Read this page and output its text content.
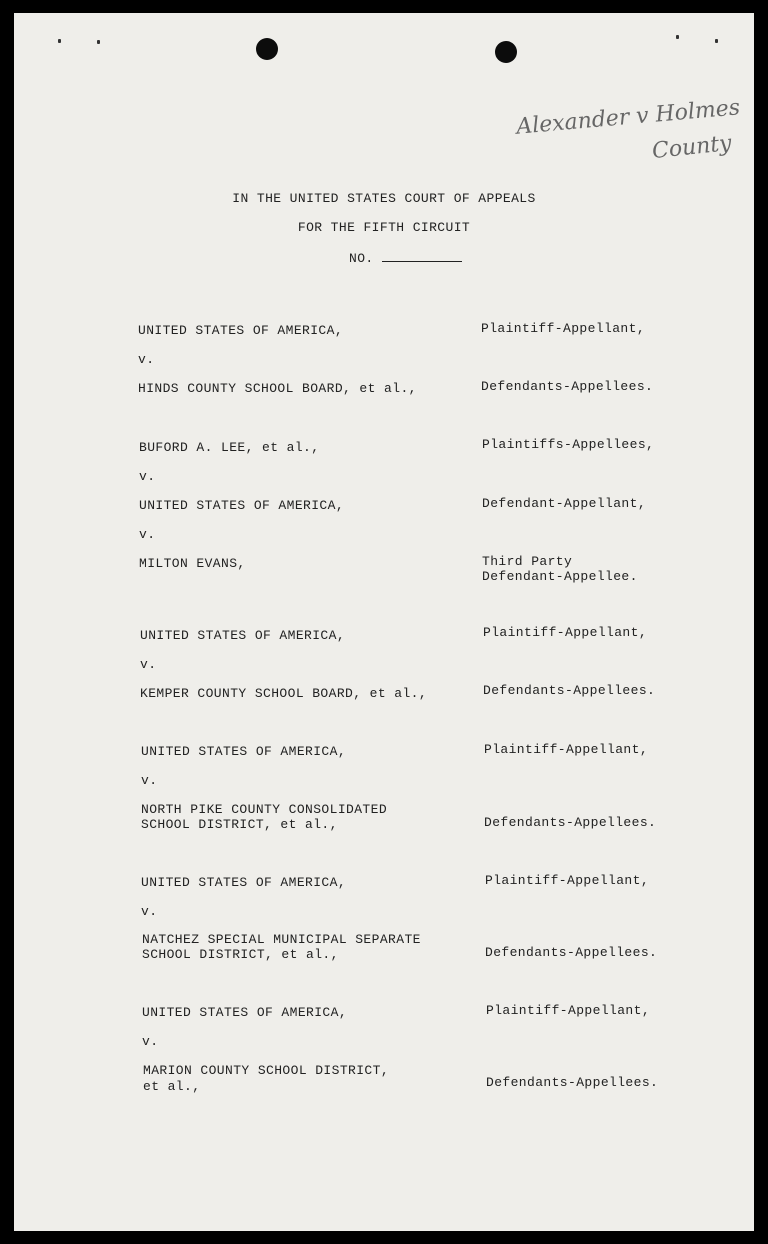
Alexander v Holmes
County
IN THE UNITED STATES COURT OF APPEALS
FOR THE FIFTH CIRCUIT
NO.
UNITED STATES OF AMERICA,	Plaintiff-Appellant,
v.
HINDS COUNTY SCHOOL BOARD, et al.,	Defendants-Appellees.
BUFORD A. LEE, et al.,	Plaintiffs-Appellees,
v.
UNITED STATES OF AMERICA,	Defendant-Appellant,
v.
MILTON EVANS,	Third Party
Defendant-Appellee.
UNITED STATES OF AMERICA,	Plaintiff-Appellant,
v.
KEMPER COUNTY SCHOOL BOARD, et al.,	Defendants-Appellees.
UNITED STATES OF AMERICA,	Plaintiff-Appellant,
v.
NORTH PIKE COUNTY CONSOLIDATED
SCHOOL DISTRICT, et al.,	Defendants-Appellees.
UNITED STATES OF AMERICA,	Plaintiff-Appellant,
v.
NATCHEZ SPECIAL MUNICIPAL SEPARATE
SCHOOL DISTRICT, et al.,	Defendants-Appellees.
UNITED STATES OF AMERICA,	Plaintiff-Appellant,
v.
MARION COUNTY SCHOOL DISTRICT,
et al.,	Defendants-Appellees.
